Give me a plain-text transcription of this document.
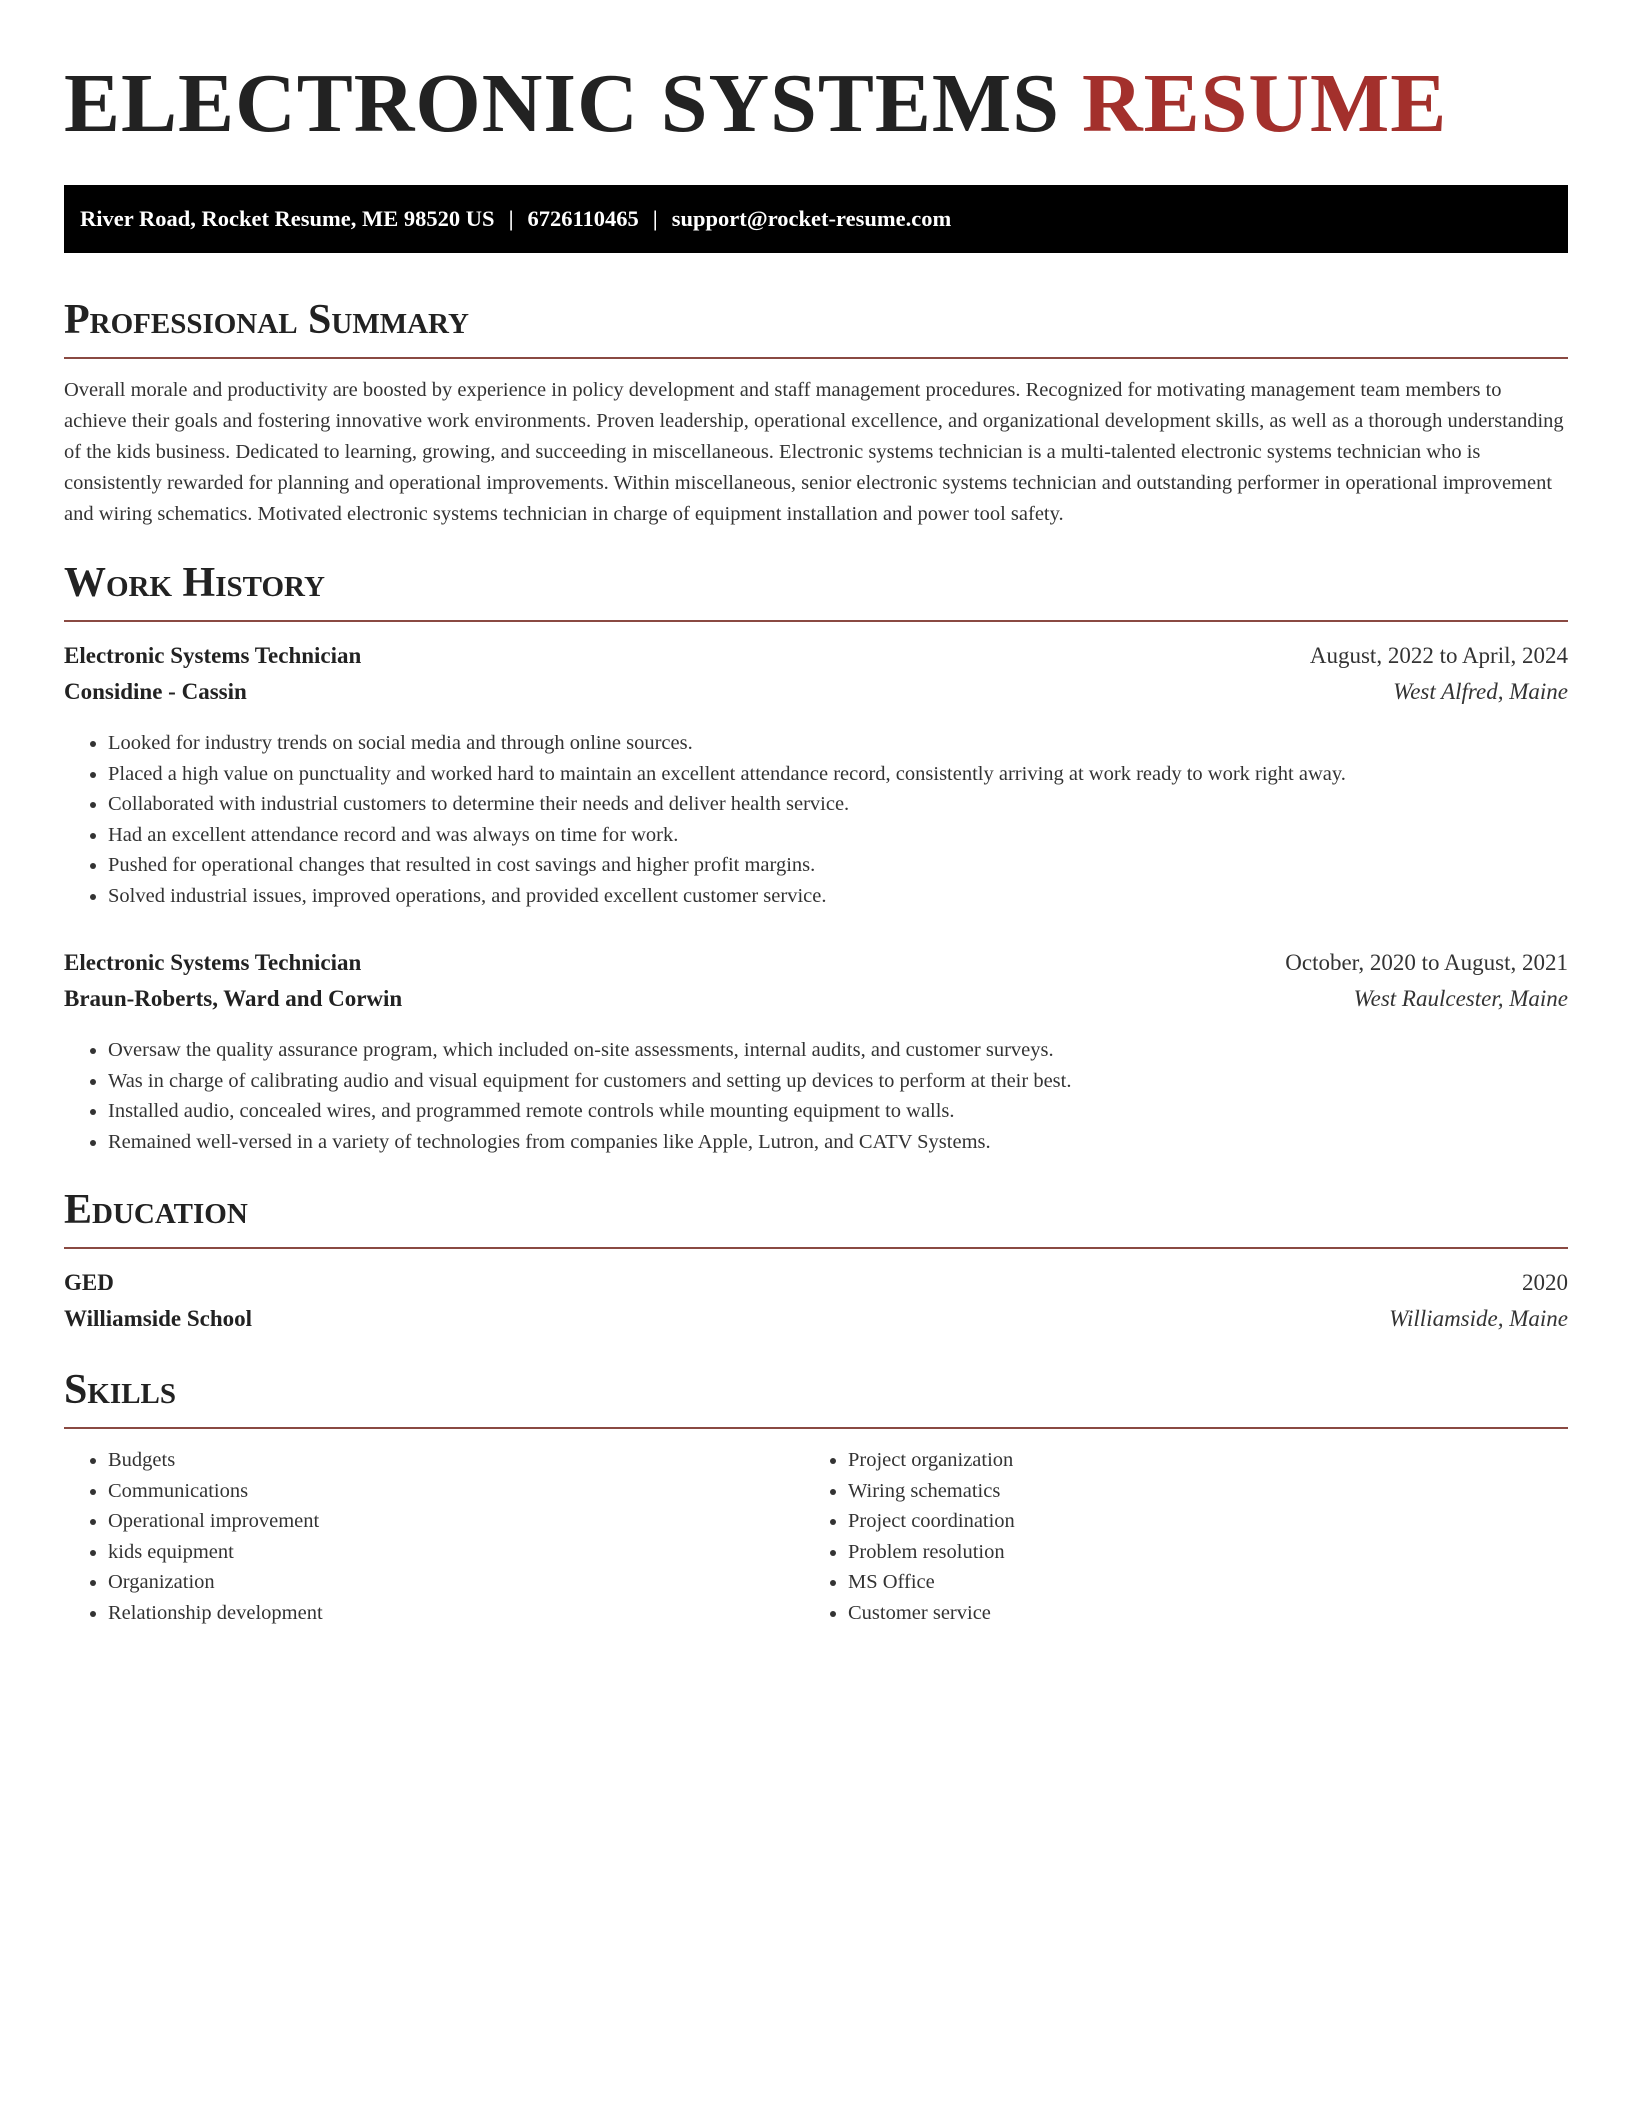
ELECTRONIC SYSTEMS RESUME
River Road, Rocket Resume, ME 98520 US | 6726110465 | support@rocket-resume.com
Professional Summary

Overall morale and productivity are boosted by experience in policy development and staff management procedures. Recognized for motivating management team members to achieve their goals and fostering innovative work environments. Proven leadership, operational excellence, and organizational development skills, as well as a thorough understanding of the kids business. Dedicated to learning, growing, and succeeding in miscellaneous. Electronic systems technician is a multi-talented electronic systems technician who is consistently rewarded for planning and operational improvements. Within miscellaneous, senior electronic systems technician and outstanding performer in operational improvement and wiring schematics. Motivated electronic systems technician in charge of equipment installation and power tool safety.

Work History
Electronic Systems Technician	August, 2022 to April, 2024
Considine - Cassin	West Alfred, Maine
• Looked for industry trends on social media and through online sources.
• Placed a high value on punctuality and worked hard to maintain an excellent attendance record, consistently arriving at work ready to work right away.
• Collaborated with industrial customers to determine their needs and deliver health service.
• Had an excellent attendance record and was always on time for work.
• Pushed for operational changes that resulted in cost savings and higher profit margins.
• Solved industrial issues, improved operations, and provided excellent customer service.
Electronic Systems Technician	October, 2020 to August, 2021
Braun-Roberts, Ward and Corwin	West Raulcester, Maine
• Oversaw the quality assurance program, which included on-site assessments, internal audits, and customer surveys.
• Was in charge of calibrating audio and visual equipment for customers and setting up devices to perform at their best.
• Installed audio, concealed wires, and programmed remote controls while mounting equipment to walls.
• Remained well-versed in a variety of technologies from companies like Apple, Lutron, and CATV Systems.
Education
GED	2020
Williamside School	Williamside, Maine
Skills
• Budgets
• Communications
• Operational improvement
• kids equipment
• Organization
• Relationship development
• Project organization
• Wiring schematics
• Project coordination
• Problem resolution
• MS Office
• Customer service
